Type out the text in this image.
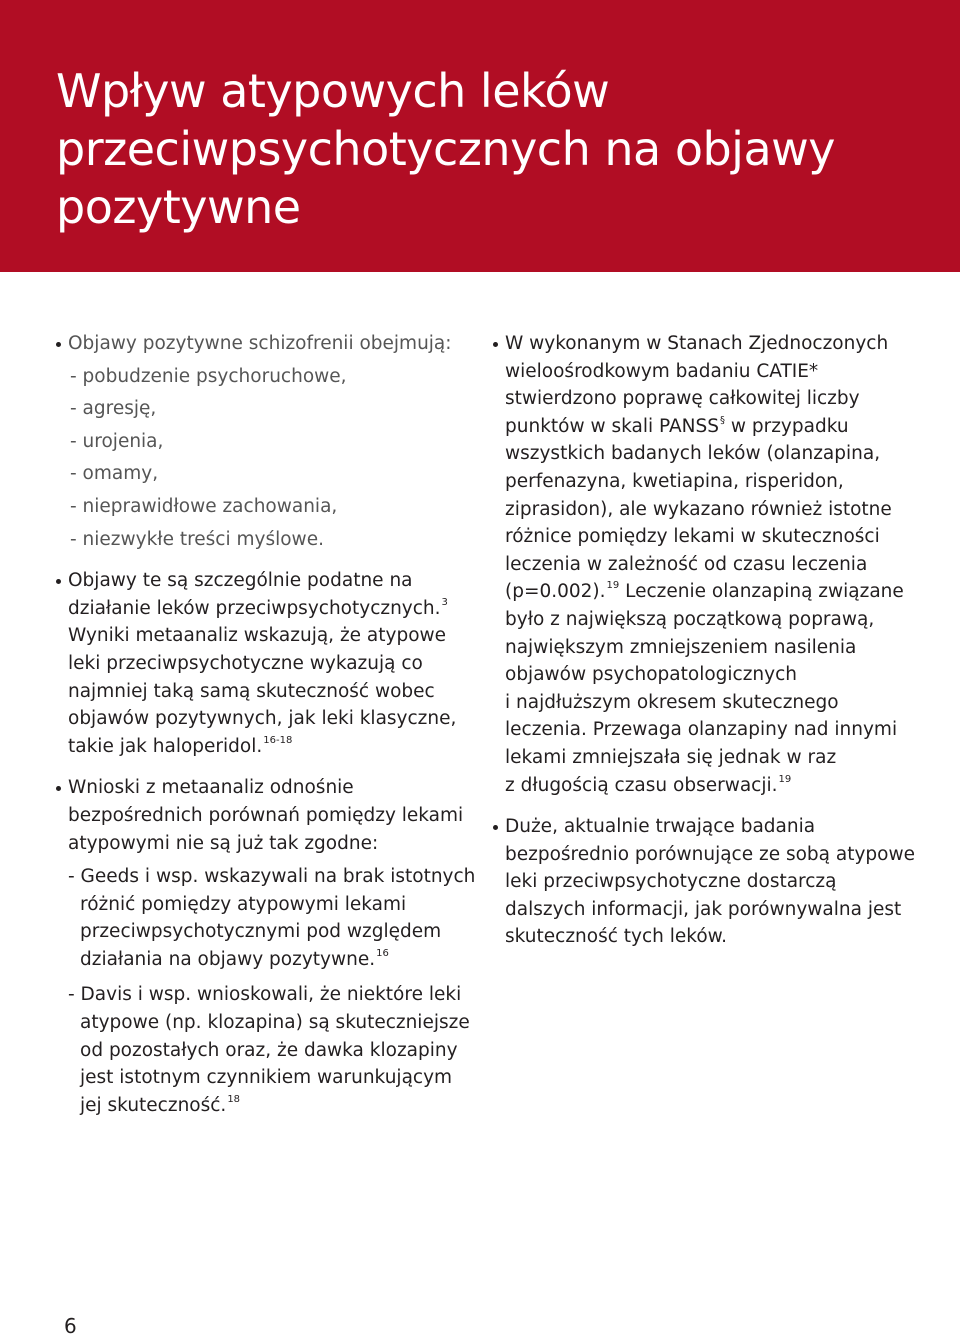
Wpływ atypowych leków
przeciwpsychotycznych na objawy
pozytywne
Objawy pozytywne schizofrenii obejmują:
- pobudzenie psychoruchowe,
- agresję,
- urojenia,
- omamy,
- nieprawidłowe zachowania,
- niezwykłe treści myślowe.
Objawy te są szczególnie podatne na
działanie leków przeciwpsychotycznych.$^3$
Wyniki metaanaliz wskazują, że atypowe
leki przeciwpsychotyczne wykazują co
najmniej taką samą skuteczność wobec
objawów pozytywnych, jak leki klasyczne,
takie jak haloperidol.$^{16-18}$
Wnioski z metaanaliz odnośnie
bezpośrednich porównań pomiędzy lekami
atypowymi nie są już tak zgodne:
- Geeds i wsp. wskazywali na brak istotnych
różnić pomiędzy atypowymi lekami
przeciwpsychotycznymi pod względem
działania na objawy pozytywne.$^{16}$
- Davis i wsp. wnioskowali, że niektóre leki
atypowe (np. klozapina) są skuteczniejsze
od pozostałych oraz, że dawka klozapiny
jest istotnym czynnikiem warunkującym
jej skuteczność.$^{18}$
W wykonanym w Stanach Zjednoczonych
wieloośrodkowym badaniu CATIE*
stwierdzono poprawę całkowitej liczby
punktów w skali PANSS§ w przypadku
wszystkich badanych leków (olanzapina,
perfenazyna, kwetiapina, risperidon,
ziprasidon), ale wykazano również istotne
różnice pomiędzy lekami w skuteczności
leczenia w zależność od czasu leczenia
(p=0.002).$^{19}$ Leczenie olanzapiną związane
było z największą początkową poprawą,
największym zmniejszeniem nasilenia
objawów psychopatologicznych
i najdłuższym okresem skutecznego
leczenia. Przewaga olanzapiny nad innymi
lekami zmniejszała się jednak w raz
z długością czasu obserwacji.$^{19}$
Duże, aktualnie trwające badania
bezpośrednio porównujące ze sobą atypowe
leki przeciwpsychotyczne dostarczą
dalszych informacji, jak porównywalna jest
skuteczność tych leków.
6
